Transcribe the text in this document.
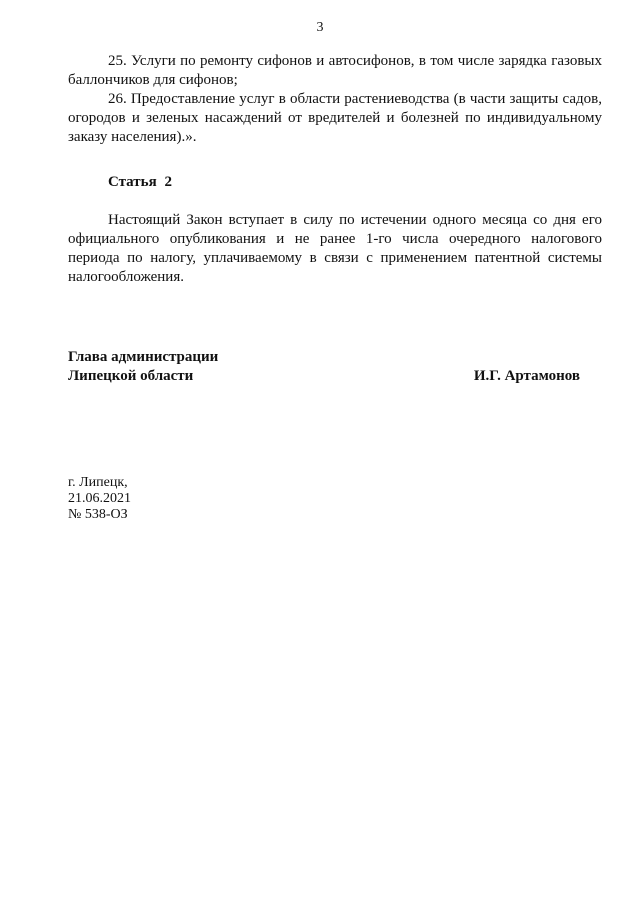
3

25. Услуги по ремонту сифонов и автосифонов, в том числе зарядка газовых баллончиков для сифонов;

26. Предоставление услуг в области растениеводства (в части защиты садов, огородов и зеленых насаждений от вредителей и болезней по индивидуальному заказу населения).».

Статья 2

Настоящий Закон вступает в силу по истечении одного месяца со дня его официального опубликования и не ранее 1-го числа очередного налогового периода по налогу, уплачиваемому в связи с применением патентной системы налогообложения.

Глава администрации
Липецкой области	И.Г. Артамонов
г. Липецк,
21.06.2021
№ 538-ОЗ
